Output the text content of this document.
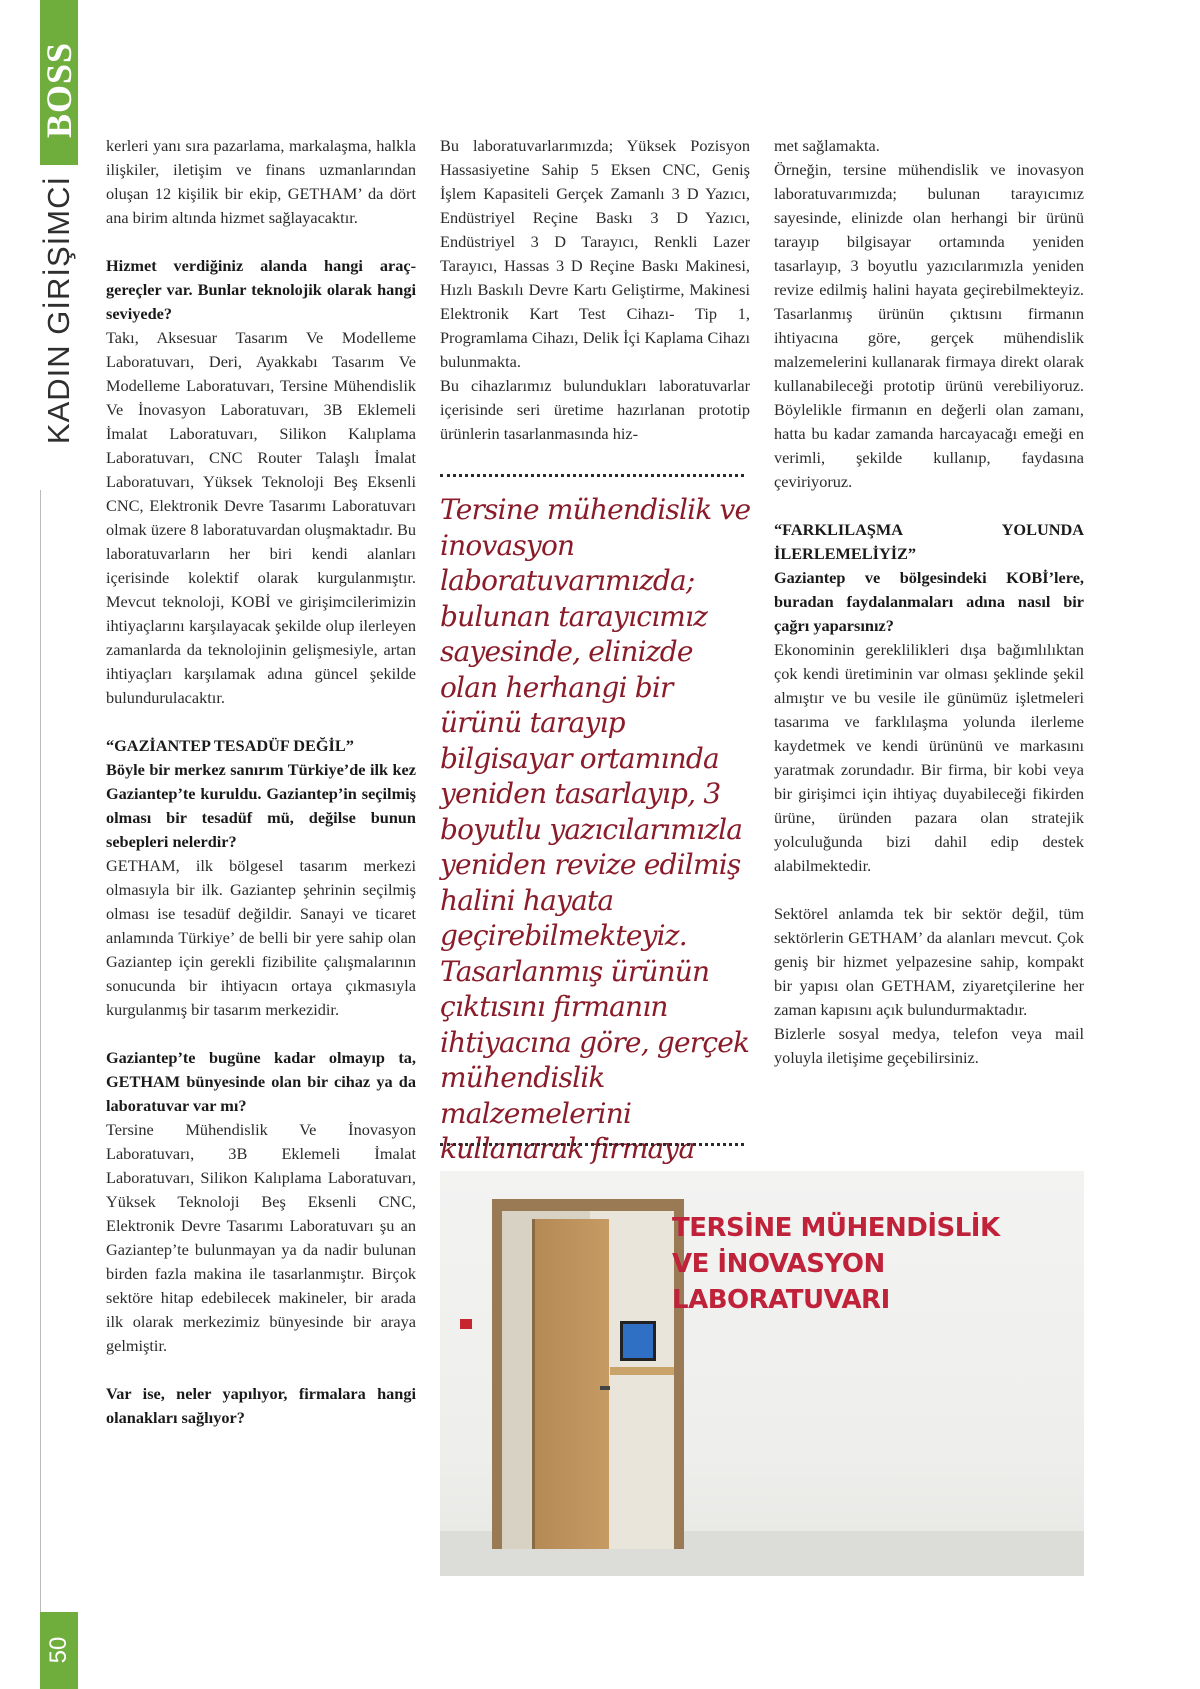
BOSS
KADIN GİRİŞİMCİ
50

kerleri yanı sıra pazarlama, markalaşma, halkla ilişkiler, iletişim ve finans uzmanlarından oluşan 12 kişilik bir ekip, GETHAM’ da dört ana birim altında hizmet sağlayacaktır.

Hizmet verdiğiniz alanda hangi araç-gereçler var. Bunlar teknolojik olarak hangi seviyede?

Takı, Aksesuar Tasarım Ve Modelleme Laboratuvarı, Deri, Ayakkabı Tasarım Ve Modelleme Laboratuvarı, Tersine Mühendislik Ve İnovasyon Laboratuvarı, 3B Eklemeli İmalat Laboratuvarı, Silikon Kalıplama Laboratuvarı, CNC Router Talaşlı İmalat Laboratuvarı, Yüksek Teknoloji Beş Eksenli CNC, Elektronik Devre Tasarımı Laboratuvarı olmak üzere 8 laboratuvardan oluşmaktadır. Bu laboratuvarların her biri kendi alanları içerisinde kolektif olarak kurgulanmıştır. Mevcut teknoloji, KOBİ ve girişimcilerimizin ihtiyaçlarını karşılayacak şekilde olup ilerleyen zamanlarda da teknolojinin gelişmesiyle, artan ihtiyaçları karşılamak adına güncel şekilde bulundurulacaktır.

“GAZİANTEP TESADÜF DEĞİL”

Böyle bir merkez sanırım Türkiye’de ilk kez Gaziantep’te kuruldu. Gaziantep’in seçilmiş olması bir tesadüf mü, değilse bunun sebepleri nelerdir?

GETHAM, ilk bölgesel tasarım merkezi olmasıyla bir ilk. Gaziantep şehrinin seçilmiş olması ise tesadüf değildir. Sanayi ve ticaret anlamında Türkiye’ de belli bir yere sahip olan Gaziantep için gerekli fizibilite çalışmalarının sonucunda bir ihtiyacın ortaya çıkmasıyla kurgulanmış bir tasarım merkezidir.

Gaziantep’te bugüne kadar olmayıp ta, GETHAM bünyesinde olan bir cihaz ya da laboratuvar var mı?

Tersine Mühendislik Ve İnovasyon Laboratuvarı, 3B Eklemeli İmalat Laboratuvarı, Silikon Kalıplama Laboratuvarı, Yüksek Teknoloji Beş Eksenli CNC, Elektronik Devre Tasarımı Laboratuvarı şu an Gaziantep’te bulunmayan ya da nadir bulunan birden fazla makina ile tasarlanmıştır. Birçok sektöre hitap edebilecek makineler, bir arada ilk olarak merkezimiz bünyesinde bir araya gelmiştir.

Var ise, neler yapılıyor, firmalara hangi olanakları sağlıyor?

Bu laboratuvarlarımızda; Yüksek Pozisyon Hassasiyetine Sahip 5 Eksen CNC, Geniş İşlem Kapasiteli Gerçek Zamanlı 3 D Yazıcı, Endüstriyel Reçine Baskı 3 D Yazıcı, Endüstriyel 3 D Tarayıcı, Renkli Lazer Tarayıcı, Hassas 3 D Reçine Baskı Makinesi, Hızlı Baskılı Devre Kartı Geliştirme, Makinesi Elektronik Kart Test Cihazı- Tip 1, Programlama Cihazı, Delik İçi Kaplama Cihazı bulunmakta.

Bu cihazlarımız bulundukları laboratuvarlar içerisinde seri üretime hazırlanan prototip ürünlerin tasarlanmasında hiz-

Tersine mühendislik ve inovasyon laboratuvarımızda; bulunan tarayıcımız sayesinde, elinizde olan herhangi bir ürünü tarayıp bilgisayar ortamında yeniden tasarlayıp, 3 boyutlu yazıcılarımızla yeniden revize edilmiş halini hayata geçirebilmekteyiz. Tasarlanmış ürünün çıktısını firmanın ihtiyacına göre, gerçek mühendislik malzemelerini kullanarak firmaya

met sağlamakta.

Örneğin, tersine mühendislik ve inovasyon laboratuvarımızda; bulunan tarayıcımız sayesinde, elinizde olan herhangi bir ürünü tarayıp bilgisayar ortamında yeniden tasarlayıp, 3 boyutlu yazıcılarımızla yeniden revize edilmiş halini hayata geçirebilmekteyiz. Tasarlanmış ürünün çıktısını firmanın ihtiyacına göre, gerçek mühendislik malzemelerini kullanarak firmaya direkt olarak kullanabileceği prototip ürünü verebiliyoruz. Böylelikle firmanın en değerli olan zamanı, hatta bu kadar zamanda harcayacağı emeği en verimli, şekilde kullanıp, faydasına çeviriyoruz.

“FARKLILAŞMA YOLUNDA İLERLEMELİYİZ”

Gaziantep ve bölgesindeki KOBİ’lere, buradan faydalanmaları adına nasıl bir çağrı yaparsınız?

Ekonominin gereklilikleri dışa bağımlılıktan çok kendi üretiminin var olması şeklinde şekil almıştır ve bu vesile ile günümüz işletmeleri tasarıma ve farklılaşma yolunda ilerleme kaydetmek ve kendi ürününü ve markasını yaratmak zorundadır. Bir firma, bir kobi veya bir girişimci için ihtiyaç duyabileceği fikirden ürüne, üründen pazara olan stratejik yolculuğunda bizi dahil edip destek alabilmektedir.

Sektörel anlamda tek bir sektör değil, tüm sektörlerin GETHAM’ da alanları mevcut. Çok geniş bir hizmet yelpazesine sahip, kompakt bir yapısı olan GETHAM, ziyaretçilerine her zaman kapısını açık bulundurmaktadır.

Bizlerle sosyal medya, telefon veya mail yoluyla iletişime geçebilirsiniz.

TERSİNE MÜHENDİSLİK
VE İNOVASYON
LABORATUVARI
